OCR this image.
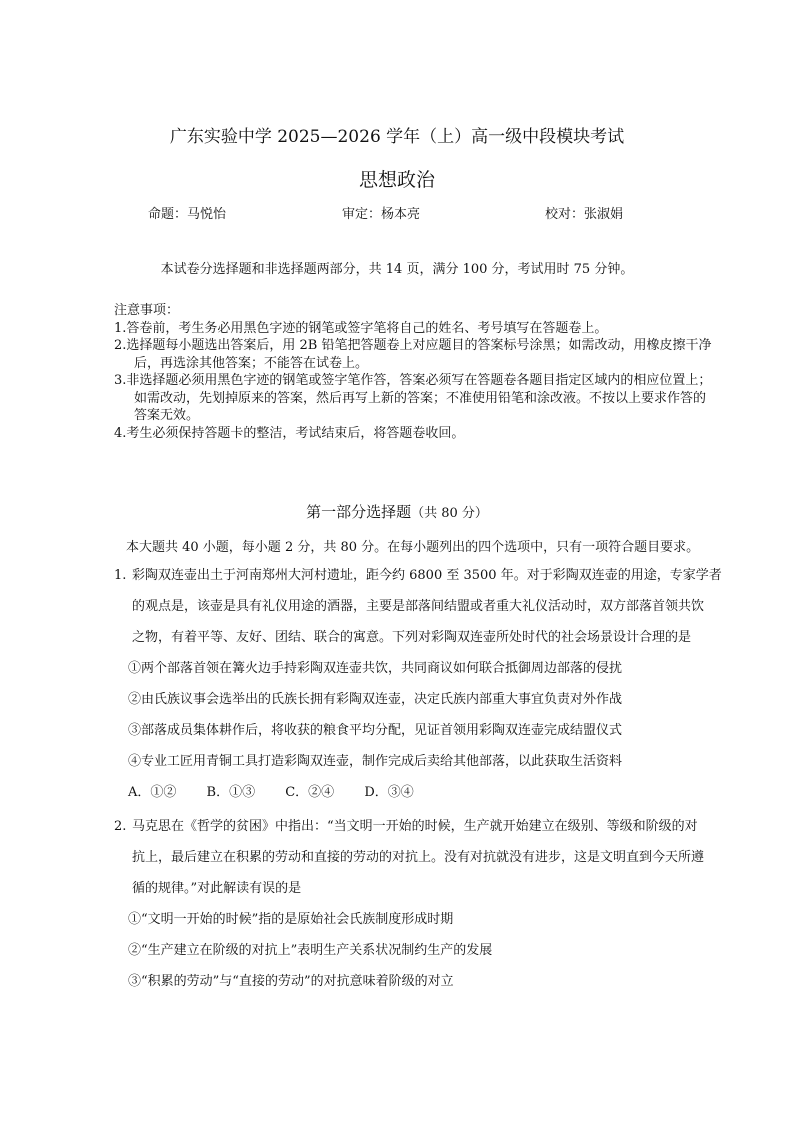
广东实验中学 2025—2026 学年（上）高一级中段模块考试
思想政治
命题：马悦怡	审定：杨本亮	校对：张淑娟
本试卷分选择题和非选择题两部分，共 14 页，满分 100 分，考试用时 75 分钟。

注意事项：

1.答卷前，考生务必用黑色字迹的钢笔或签字笔将自己的姓名、考号填写在答题卷上。

2.选择题每小题选出答案后，用 2B 铅笔把答题卷上对应题目的答案标号涂黑；如需改动，用橡皮擦干净

后，再选涂其他答案；不能答在试卷上。

3.非选择题必须用黑色字迹的钢笔或签字笔作答，答案必须写在答题卷各题目指定区域内的相应位置上；

如需改动，先划掉原来的答案，然后再写上新的答案；不准使用铅笔和涂改液。不按以上要求作答的

答案无效。

4.考生必须保持答题卡的整洁，考试结束后，将答题卷收回。

第一部分选择题（共 80 分）
本大题共 40 小题，每小题 2 分，共 80 分。在每小题列出的四个选项中，只有一项符合题目要求。
1. 彩陶双连壶出土于河南郑州大河村遗址，距今约 6800 至 3500 年。对于彩陶双连壶的用途，专家学者
的观点是，该壶是具有礼仪用途的酒器，主要是部落间结盟或者重大礼仪活动时，双方部落首领共饮
之物，有着平等、友好、团结、联合的寓意。下列对彩陶双连壶所处时代的社会场景设计合理的是
①两个部落首领在篝火边手持彩陶双连壶共饮，共同商议如何联合抵御周边部落的侵扰
②由氏族议事会选举出的氏族长拥有彩陶双连壶，决定氏族内部重大事宜负责对外作战
③部落成员集体耕作后，将收获的粮食平均分配，见证首领用彩陶双连壶完成结盟仪式
④专业工匠用青铜工具打造彩陶双连壶，制作完成后卖给其他部落，以此获取生活资料
A．①② B．①③ C．②④ D．③④
2. 马克思在《哲学的贫困》中指出：“当文明一开始的时候，生产就开始建立在级别、等级和阶级的对
抗上，最后建立在积累的劳动和直接的劳动的对抗上。没有对抗就没有进步，这是文明直到今天所遵
循的规律。”对此解读有误的是
①“文明一开始的时候”指的是原始社会氏族制度形成时期
②“生产建立在阶级的对抗上”表明生产关系状况制约生产的发展
③“积累的劳动”与“直接的劳动”的对抗意味着阶级的对立
